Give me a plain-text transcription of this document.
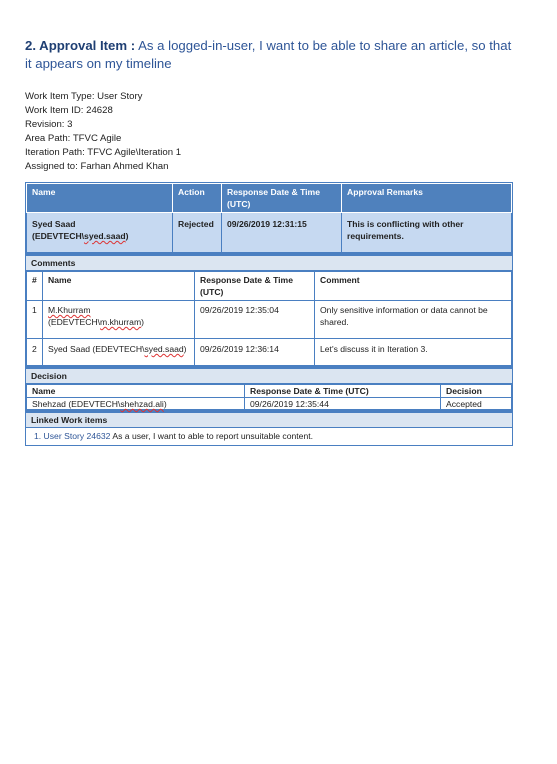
2. Approval Item : As a logged-in-user, I want to be able to share an article, so that it appears on my timeline
Work Item Type: User Story
Work Item ID: 24628
Revision: 3
Area Path: TFVC Agile
Iteration Path: TFVC Agile\Iteration 1
Assigned to: Farhan Ahmed Khan
Name	Action	Response Date & Time (UTC)	Approval Remarks

Syed Saad
(EDEVTECH\syed.saad)	Rejected	09/26/2019 12:31:15	This is conflicting with other requirements.
Comments
#	Name	Response Date & Time (UTC)	Comment
1	M.Khurram
(EDEVTECH\m.khurram)	09/26/2019 12:35:04	Only sensitive information or data cannot be shared.
2	Syed Saad (EDEVTECH\syed.saad)	09/26/2019 12:36:14	Let's discuss it in Iteration 3.
Decision
Name	Response Date & Time (UTC)	Decision
Shehzad (EDEVTECH\shehzad.ali)	09/26/2019 12:35:44	Accepted
Linked Work items
1. User Story 24632 As a user, I want to able to report unsuitable content.
